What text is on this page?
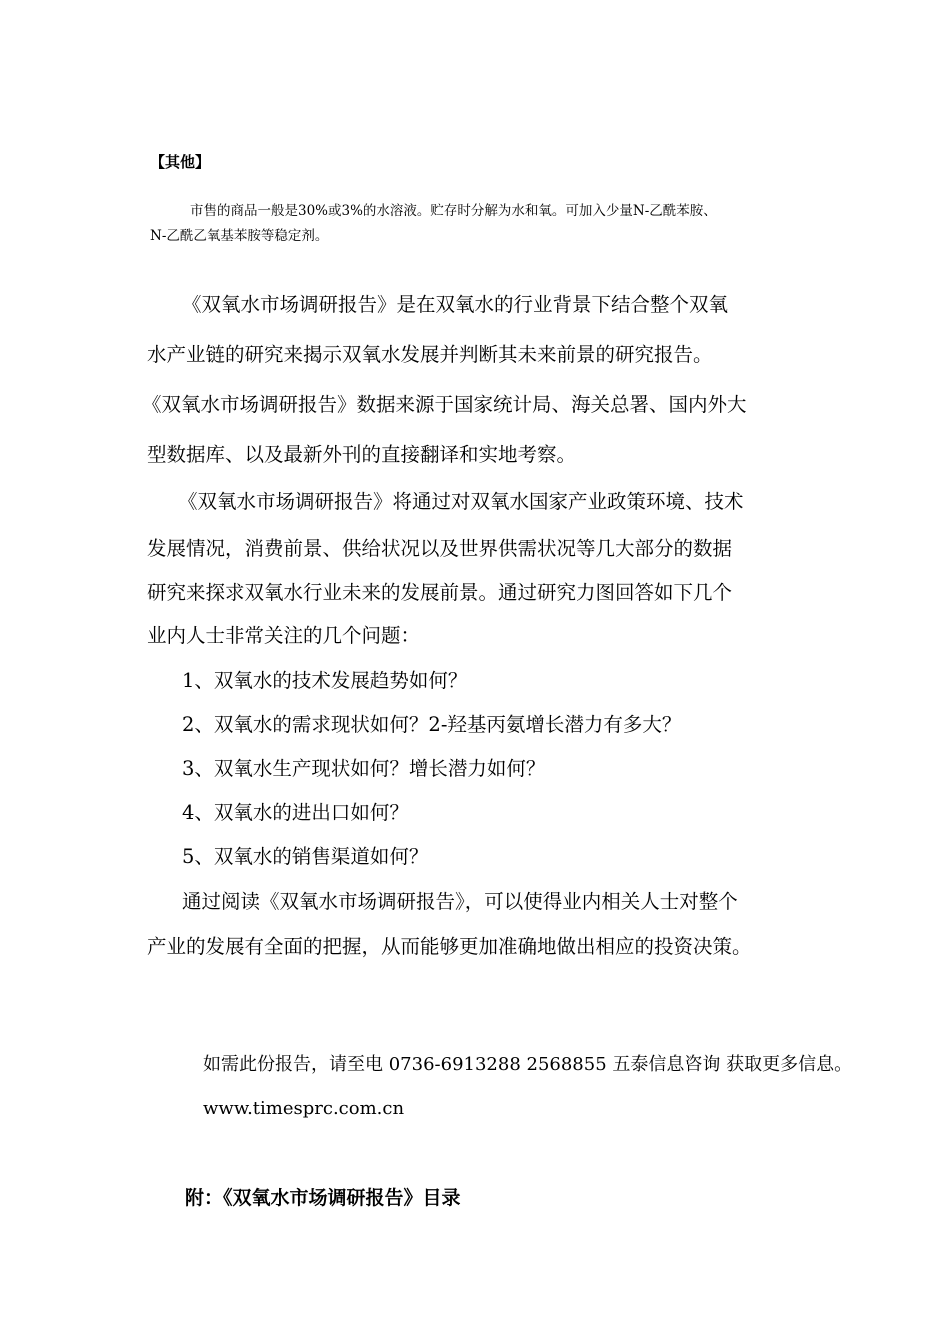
【其他】

市售的商品一般是30%或3%的水溶液。贮存时分解为水和氧。可加入少量N-乙酰苯胺、

N-乙酰乙氧基苯胺等稳定剂。

《双氧水市场调研报告》是在双氧水的行业背景下结合整个双氧

水产业链的研究来揭示双氧水发展并判断其未来前景的研究报告。

《双氧水市场调研报告》数据来源于国家统计局、海关总署、国内外大

型数据库、以及最新外刊的直接翻译和实地考察。

《双氧水市场调研报告》将通过对双氧水国家产业政策环境、技术

发展情况，消费前景、供给状况以及世界供需状况等几大部分的数据

研究来探求双氧水行业未来的发展前景。通过研究力图回答如下几个

业内人士非常关注的几个问题：

1、双氧水的技术发展趋势如何？

2、双氧水的需求现状如何？2-羟基丙氨增长潜力有多大？

3、双氧水生产现状如何？增长潜力如何？

4、双氧水的进出口如何？

5、双氧水的销售渠道如何？

通过阅读《双氧水市场调研报告》，可以使得业内相关人士对整个

产业的发展有全面的把握，从而能够更加准确地做出相应的投资决策。

如需此份报告，请至电 0736-6913288 2568855 五泰信息咨询 获取更多信息。

www.timesprc.com.cn

附：《双氧水市场调研报告》目录
